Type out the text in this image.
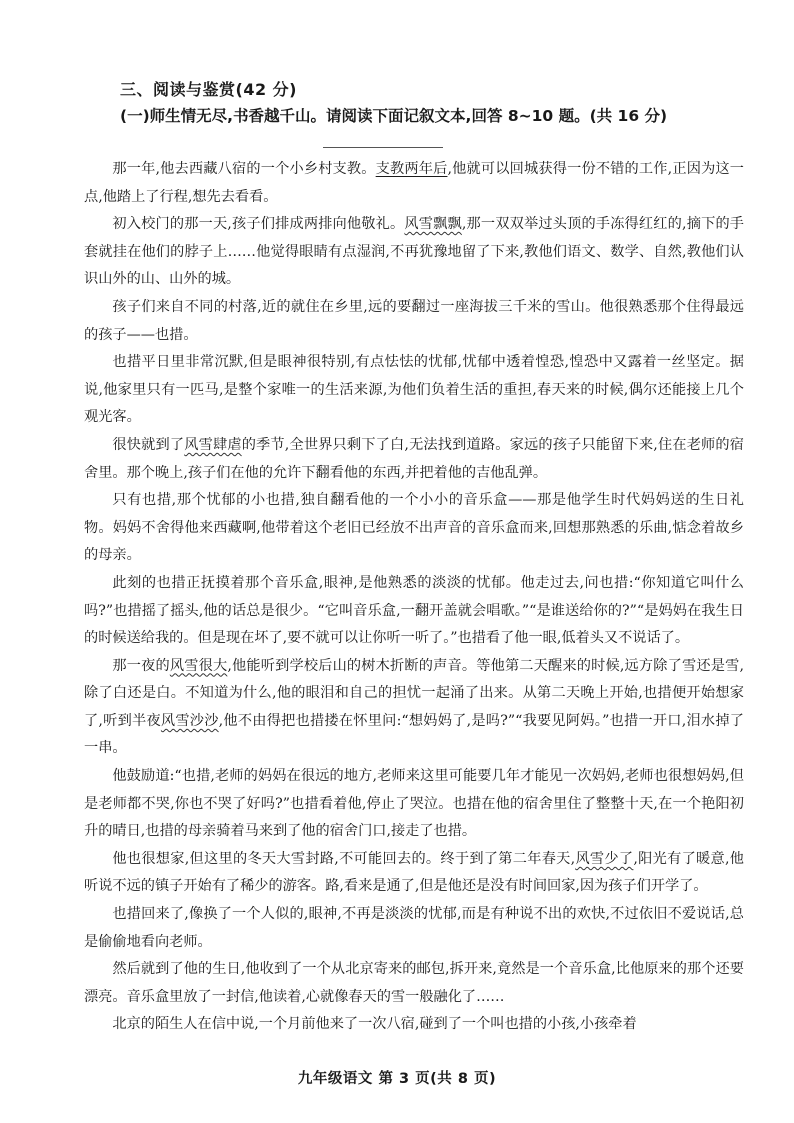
三、阅读与鉴赏(42 分)
(一)师生情无尽,书香越千山。请阅读下面记叙文本,回答 8~10 题。(共 16 分)

那一年,他去西藏八宿的一个小乡村支教。支教两年后,他就可以回城获得一份不错的工作,正因为这一点,他踏上了行程,想先去看看。

初入校门的那一天,孩子们排成两排向他敬礼。风雪飘飘,那一双双举过头顶的手冻得红红的,摘下的手套就挂在他们的脖子上……他觉得眼睛有点湿润,不再犹豫地留了下来,教他们语文、数学、自然,教他们认识山外的山、山外的城。

孩子们来自不同的村落,近的就住在乡里,远的要翻过一座海拔三千米的雪山。他很熟悉那个住得最远的孩子——也措。

也措平日里非常沉默,但是眼神很特别,有点怯怯的忧郁,忧郁中透着惶恐,惶恐中又露着一丝坚定。据说,他家里只有一匹马,是整个家唯一的生活来源,为他们负着生活的重担,春天来的时候,偶尔还能接上几个观光客。

很快就到了风雪肆虐的季节,全世界只剩下了白,无法找到道路。家远的孩子只能留下来,住在老师的宿舍里。那个晚上,孩子们在他的允许下翻看他的东西,并把着他的吉他乱弹。

只有也措,那个忧郁的小也措,独自翻看他的一个小小的音乐盒——那是他学生时代妈妈送的生日礼物。妈妈不舍得他来西藏啊,他带着这个老旧已经放不出声音的音乐盒而来,回想那熟悉的乐曲,惦念着故乡的母亲。

此刻的也措正抚摸着那个音乐盒,眼神,是他熟悉的淡淡的忧郁。他走过去,问也措:“你知道它叫什么吗?”也措摇了摇头,他的话总是很少。“它叫音乐盒,一翻开盖就会唱歌。”“是谁送给你的?”“是妈妈在我生日的时候送给我的。但是现在坏了,要不就可以让你听一听了。”也措看了他一眼,低着头又不说话了。

那一夜的风雪很大,他能听到学校后山的树木折断的声音。等他第二天醒来的时候,远方除了雪还是雪,除了白还是白。不知道为什么,他的眼泪和自己的担忧一起涌了出来。从第二天晚上开始,也措便开始想家了,听到半夜风雪沙沙,他不由得把也措搂在怀里问:“想妈妈了,是吗?”“我要见阿妈。”也措一开口,泪水掉了一串。

他鼓励道:“也措,老师的妈妈在很远的地方,老师来这里可能要几年才能见一次妈妈,老师也很想妈妈,但是老师都不哭,你也不哭了好吗?”也措看着他,停止了哭泣。也措在他的宿舍里住了整整十天,在一个艳阳初升的晴日,也措的母亲骑着马来到了他的宿舍门口,接走了也措。

他也很想家,但这里的冬天大雪封路,不可能回去的。终于到了第二年春天,风雪少了,阳光有了暖意,他听说不远的镇子开始有了稀少的游客。路,看来是通了,但是他还是没有时间回家,因为孩子们开学了。

也措回来了,像换了一个人似的,眼神,不再是淡淡的忧郁,而是有种说不出的欢快,不过依旧不爱说话,总是偷偷地看向老师。

然后就到了他的生日,他收到了一个从北京寄来的邮包,拆开来,竟然是一个音乐盒,比他原来的那个还要漂亮。音乐盒里放了一封信,他读着,心就像春天的雪一般融化了……

北京的陌生人在信中说,一个月前他来了一次八宿,碰到了一个叫也措的小孩,小孩牵着

九年级语文 第 3 页(共 8 页)
